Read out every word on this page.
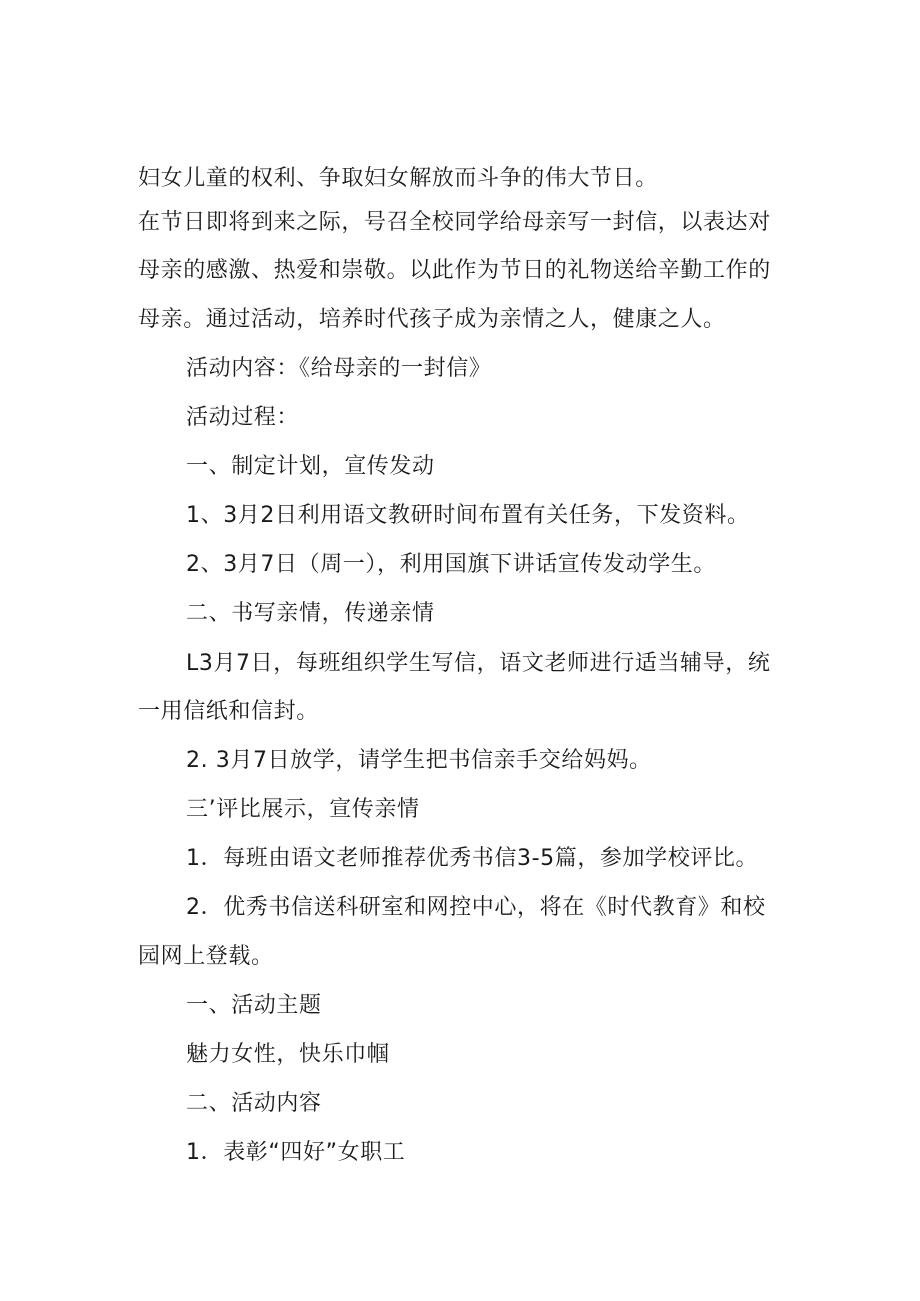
妇女儿童的权利、争取妇女解放而斗争的伟大节日。
在节日即将到来之际，号召全校同学给母亲写一封信，以表达对
母亲的感激、热爱和崇敬。以此作为节日的礼物送给辛勤工作的
母亲。通过活动，培养时代孩子成为亲情之人，健康之人。
活动内容：《给母亲的一封信》
活动过程：
一、制定计划，宣传发动
1、3月2日利用语文教研时间布置有关任务，下发资料。
2、3月7日（周一），利用国旗下讲话宣传发动学生。
二、书写亲情，传递亲情
L3月7日，每班组织学生写信，语文老师进行适当辅导，统
一用信纸和信封。
2. 3月7日放学，请学生把书信亲手交给妈妈。
三’评比展示，宣传亲情
1．每班由语文老师推荐优秀书信3-5篇，参加学校评比。
2．优秀书信送科研室和网控中心，将在《时代教育》和校
园网上登载。
一、活动主题
魅力女性，快乐巾帼
二、活动内容
1．表彰“四好”女职工
